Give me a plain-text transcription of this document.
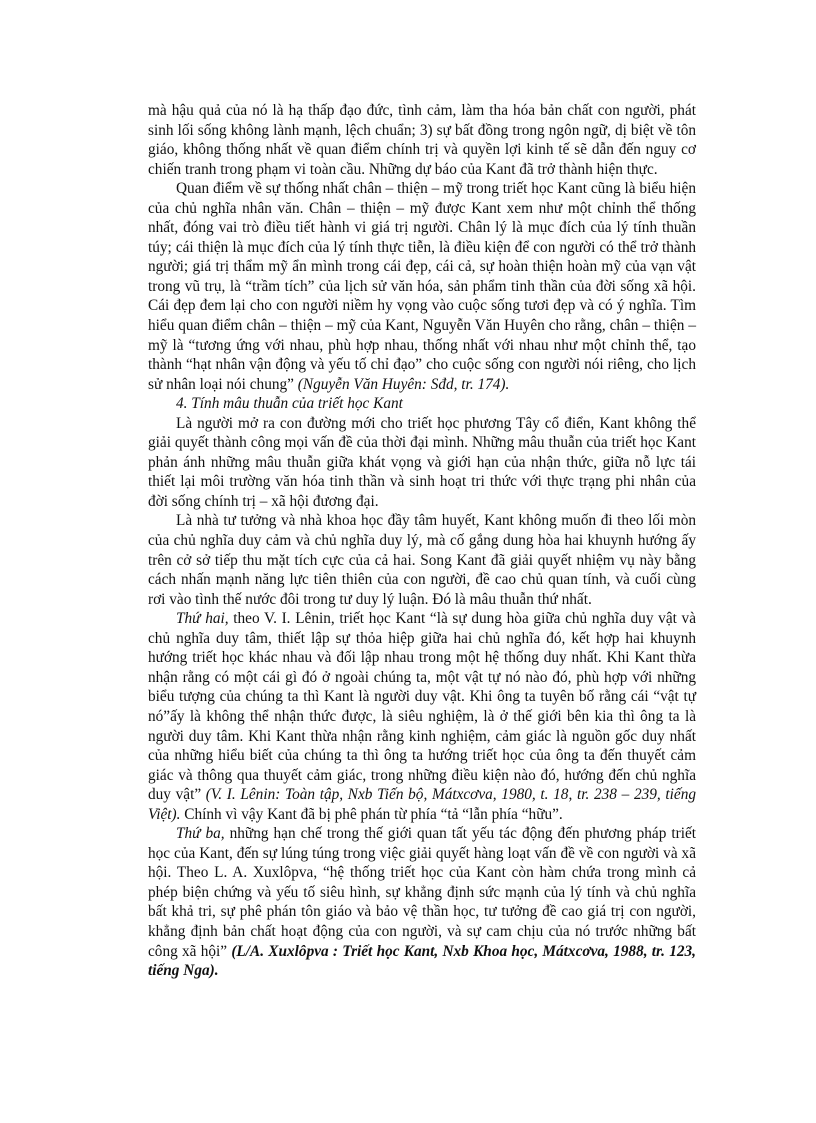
mà hậu quả của nó là hạ thấp đạo đức, tình cảm, làm tha hóa bản chất con người, phát sinh lối sống không lành mạnh, lệch chuẩn; 3) sự bất đồng trong ngôn ngữ, dị biệt về tôn giáo, không thống nhất về quan điểm chính trị và quyền lợi kinh tế sẽ dẫn đến nguy cơ chiến tranh trong phạm vi toàn cầu. Những dự báo của Kant đã trở thành hiện thực.

Quan điểm về sự thống nhất chân – thiện – mỹ trong triết học Kant cũng là biểu hiện của chủ nghĩa nhân văn. Chân – thiện – mỹ được Kant xem như một chỉnh thể thống nhất, đóng vai trò điều tiết hành vi giá trị người. Chân lý là mục đích của lý tính thuần túy; cái thiện là mục đích của lý tính thực tiễn, là điều kiện để con người có thể trở thành người; giá trị thẩm mỹ ẩn mình trong cái đẹp, cái cả, sự hoàn thiện hoàn mỹ của vạn vật trong vũ trụ, là “trầm tích” của lịch sử văn hóa, sản phẩm tinh thần của đời sống xã hội. Cái đẹp đem lại cho con người niềm hy vọng vào cuộc sống tươi đẹp và có ý nghĩa. Tìm hiểu quan điểm chân – thiện – mỹ của Kant, Nguyễn Văn Huyên cho rằng, chân – thiện – mỹ là “tương ứng với nhau, phù hợp nhau, thống nhất với nhau như một chỉnh thể, tạo thành “hạt nhân vận động và yếu tố chỉ đạo” cho cuộc sống con người nói riêng, cho lịch sử nhân loại nói chung” (Nguyễn Văn Huyên: Sđd, tr. 174).

4. Tính mâu thuẫn của triết học Kant

Là người mở ra con đường mới cho triết học phương Tây cổ điển, Kant không thể giải quyết thành công mọi vấn đề của thời đại mình. Những mâu thuẫn của triết học Kant phản ánh những mâu thuẫn giữa khát vọng và giới hạn của nhận thức, giữa nỗ lực tái thiết lại môi trường văn hóa tinh thần và sinh hoạt tri thức với thực trạng phi nhân của đời sống chính trị – xã hội đương đại.

Là nhà tư tưởng và nhà khoa học đầy tâm huyết, Kant không muốn đi theo lối mòn của chủ nghĩa duy cảm và chủ nghĩa duy lý, mà cố gắng dung hòa hai khuynh hướng ấy trên cở sở tiếp thu mặt tích cực của cả hai. Song Kant đã giải quyết nhiệm vụ này bằng cách nhấn mạnh năng lực tiên thiên của con người, đề cao chủ quan tính, và cuối cùng rơi vào tình thế nước đôi trong tư duy lý luận. Đó là mâu thuẫn thứ nhất.

Thứ hai, theo V. I. Lênin, triết học Kant “là sự dung hòa giữa chủ nghĩa duy vật và chủ nghĩa duy tâm, thiết lập sự thỏa hiệp giữa hai chủ nghĩa đó, kết hợp hai khuynh hướng triết học khác nhau và đối lập nhau trong một hệ thống duy nhất. Khi Kant thừa nhận rằng có một cái gì đó ở ngoài chúng ta, một vật tự nó nào đó, phù hợp với những biểu tượng của chúng ta thì Kant là người duy vật. Khi ông ta tuyên bố rằng cái “vật tự nó”ấy là không thể nhận thức được, là siêu nghiệm, là ở thế giới bên kia thì ông ta là người duy tâm. Khi Kant thừa nhận rằng kinh nghiệm, cảm giác là nguồn gốc duy nhất của những hiểu biết của chúng ta thì ông ta hướng triết học của ông ta đến thuyết cảm giác và thông qua thuyết cảm giác, trong những điều kiện nào đó, hướng đến chủ nghĩa duy vật” (V. I. Lênin: Toàn tập, Nxb Tiến bộ, Mátxcơva, 1980, t. 18, tr. 238 – 239, tiếng Việt). Chính vì vậy Kant đã bị phê phán từ phía “tả “lẫn phía “hữu”.

Thứ ba, những hạn chế trong thế giới quan tất yếu tác động đến phương pháp triết học của Kant, đến sự lúng túng trong việc giải quyết hàng loạt vấn đề về con người và xã hội. Theo L. A. Xuxlôpva, “hệ thống triết học của Kant còn hàm chứa trong mình cả phép biện chứng và yếu tố siêu hình, sự khẳng định sức mạnh của lý tính và chủ nghĩa bất khả tri, sự phê phán tôn giáo và bảo vệ thần học, tư tưởng đề cao giá trị con người, khẳng định bản chất hoạt động của con người, và sự cam chịu của nó trước những bất công xã hội” (L/A. Xuxlôpva : Triết học Kant, Nxb Khoa học, Mátxcơva, 1988, tr. 123, tiếng Nga).
